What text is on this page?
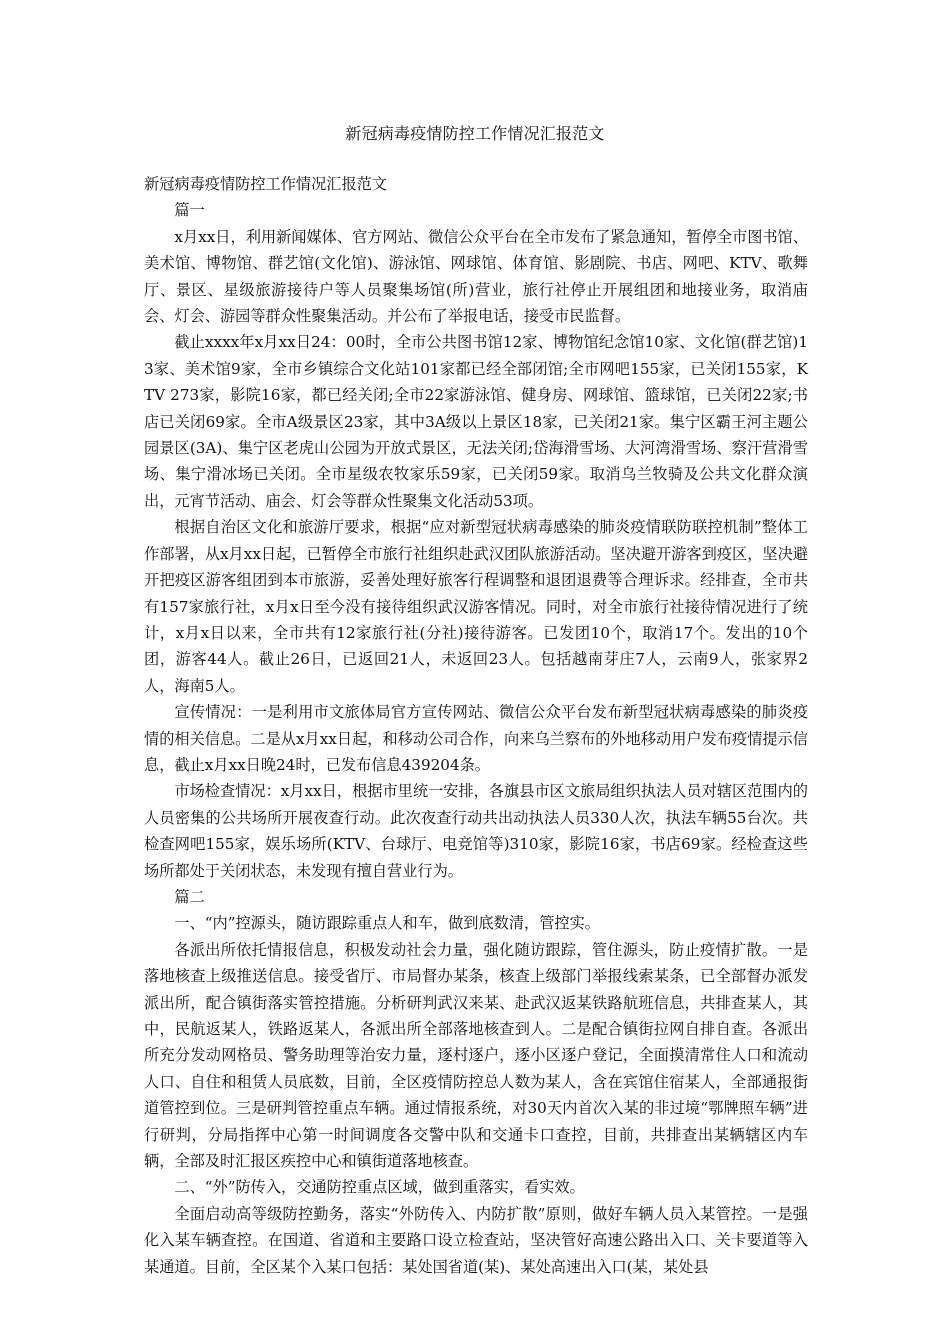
新冠病毒疫情防控工作情况汇报范文

新冠病毒疫情防控工作情况汇报范文

篇一

x月xx日，利用新闻媒体、官方网站、微信公众平台在全市发布了紧急通知，暂停全市图书馆、美术馆、博物馆、群艺馆(文化馆)、游泳馆、网球馆、体育馆、影剧院、书店、网吧、KTV、歌舞厅、景区、星级旅游接待户等人员聚集场馆(所)营业，旅行社停止开展组团和地接业务，取消庙会、灯会、游园等群众性聚集活动。并公布了举报电话，接受市民监督。

截止xxxx年x月xx日24：00时，全市公共图书馆12家、博物馆纪念馆10家、文化馆(群艺馆)13家、美术馆9家，全市乡镇综合文化站101家都已经全部闭馆;全市网吧155家，已关闭155家，KTV 273家，影院16家，都已经关闭;全市22家游泳馆、健身房、网球馆、篮球馆，已关闭22家;书店已关闭69家。全市A级景区23家，其中3A级以上景区18家，已关闭21家。集宁区霸王河主题公园景区(3A)、集宁区老虎山公园为开放式景区，无法关闭;岱海滑雪场、大河湾滑雪场、察汗营滑雪场、集宁滑冰场已关闭。全市星级农牧家乐59家，已关闭59家。取消乌兰牧骑及公共文化群众演出，元宵节活动、庙会、灯会等群众性聚集文化活动53项。

根据自治区文化和旅游厅要求，根据“应对新型冠状病毒感染的肺炎疫情联防联控机制”整体工作部署，从x月xx日起，已暂停全市旅行社组织赴武汉团队旅游活动。坚决避开游客到疫区，坚决避开把疫区游客组团到本市旅游，妥善处理好旅客行程调整和退团退费等合理诉求。经排查，全市共有157家旅行社，x月x日至今没有接待组织武汉游客情况。同时，对全市旅行社接待情况进行了统计，x月x日以来，全市共有12家旅行社(分社)接待游客。已发团10个，取消17个。发出的10个团，游客44人。截止26日，已返回21人，未返回23人。包括越南芽庄7人，云南9人，张家界2人，海南5人。

宣传情况：一是利用市文旅体局官方宣传网站、微信公众平台发布新型冠状病毒感染的肺炎疫情的相关信息。二是从x月xx日起，和移动公司合作，向来乌兰察布的外地移动用户发布疫情提示信息，截止x月xx日晚24时，已发布信息439204条。

市场检查情况：x月xx日，根据市里统一安排，各旗县市区文旅局组织执法人员对辖区范围内的人员密集的公共场所开展夜查行动。此次夜查行动共出动执法人员330人次，执法车辆55台次。共检查网吧155家，娱乐场所(KTV、台球厅、电竞馆等)310家，影院16家，书店69家。经检查这些场所都处于关闭状态，未发现有擅自营业行为。

篇二

一、“内”控源头，随访跟踪重点人和车，做到底数清，管控实。

各派出所依托情报信息，积极发动社会力量，强化随访跟踪，管住源头，防止疫情扩散。一是落地核查上级推送信息。接受省厅、市局督办某条，核查上级部门举报线索某条，已全部督办派发派出所，配合镇街落实管控措施。分析研判武汉来某、赴武汉返某铁路航班信息，共排查某人，其中，民航返某人，铁路返某人，各派出所全部落地核查到人。二是配合镇街拉网自排自查。各派出所充分发动网格员、警务助理等治安力量，逐村逐户，逐小区逐户登记，全面摸清常住人口和流动人口、自住和租赁人员底数，目前，全区疫情防控总人数为某人，含在宾馆住宿某人，全部通报街道管控到位。三是研判管控重点车辆。通过情报系统，对30天内首次入某的非过境“鄂牌照车辆”进行研判，分局指挥中心第一时间调度各交警中队和交通卡口查控，目前，共排查出某辆辖区内车辆，全部及时汇报区疾控中心和镇街道落地核查。

二、“外”防传入，交通防控重点区域，做到重落实，看实效。

全面启动高等级防控勤务，落实“外防传入、内防扩散”原则，做好车辆人员入某管控。一是强化入某车辆查控。在国道、省道和主要路口设立检查站，坚决管好高速公路出入口、关卡要道等入某通道。目前，全区某个入某口包括：某处国省道(某)、某处高速出入口(某，某处县
